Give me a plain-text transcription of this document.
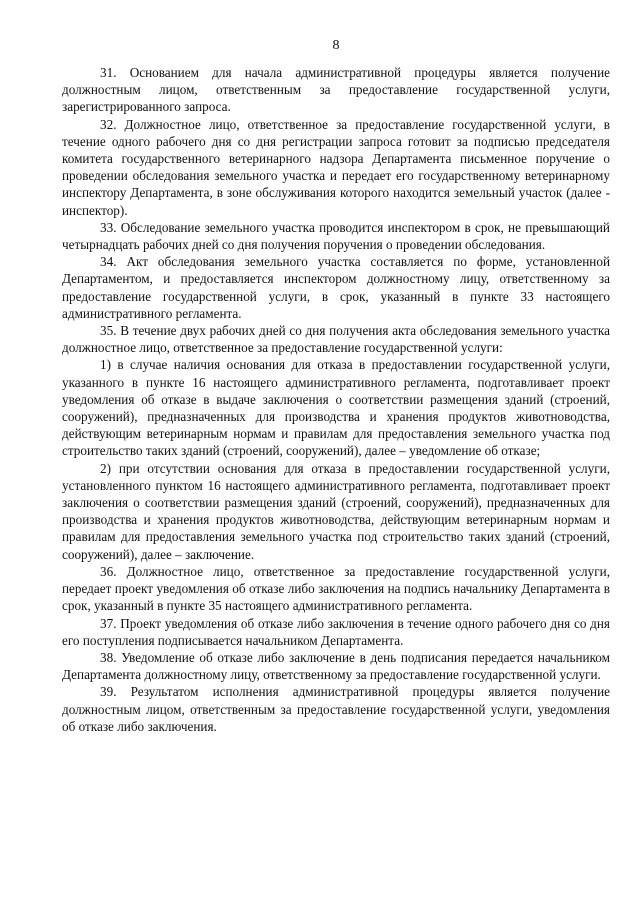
8

31. Основанием для начала административной процедуры является получение должностным лицом, ответственным за предоставление государственной услуги, зарегистрированного запроса.

32. Должностное лицо, ответственное за предоставление государственной услуги, в течение одного рабочего дня со дня регистрации запроса готовит за подписью председателя комитета государственного ветеринарного надзора Департамента письменное поручение о проведении обследования земельного участка и передает его государственному ветеринарному инспектору Департамента, в зоне обслуживания которого находится земельный участок (далее - инспектор).

33. Обследование земельного участка проводится инспектором в срок, не превышающий четырнадцать рабочих дней со дня получения поручения о проведении обследования.

34. Акт обследования земельного участка составляется по форме, установленной Департаментом, и предоставляется инспектором должностному лицу, ответственному за предоставление государственной услуги, в срок, указанный в пункте 33 настоящего административного регламента.

35. В течение двух рабочих дней со дня получения акта обследования земельного участка должностное лицо, ответственное за предоставление государственной услуги:

1) в случае наличия основания для отказа в предоставлении государственной услуги, указанного в пункте 16 настоящего административного регламента, подготавливает проект уведомления об отказе в выдаче заключения о соответствии размещения зданий (строений, сооружений), предназначенных для производства и хранения продуктов животноводства, действующим ветеринарным нормам и правилам для предоставления земельного участка под строительство таких зданий (строений, сооружений), далее – уведомление об отказе;

2) при отсутствии основания для отказа в предоставлении государственной услуги, установленного пунктом 16 настоящего административного регламента, подготавливает проект заключения о соответствии размещения зданий (строений, сооружений), предназначенных для производства и хранения продуктов животноводства, действующим ветеринарным нормам и правилам для предоставления земельного участка под строительство таких зданий (строений, сооружений), далее – заключение.

36. Должностное лицо, ответственное за предоставление государственной услуги, передает проект уведомления об отказе либо заключения на подпись начальнику Департамента в срок, указанный в пункте 35 настоящего административного регламента.

37. Проект уведомления об отказе либо заключения в течение одного рабочего дня со дня его поступления подписывается начальником Департамента.

38. Уведомление об отказе либо заключение в день подписания передается начальником Департамента должностному лицу, ответственному за предоставление государственной услуги.

39. Результатом исполнения административной процедуры является получение должностным лицом, ответственным за предоставление государственной услуги, уведомления об отказе либо заключения.
